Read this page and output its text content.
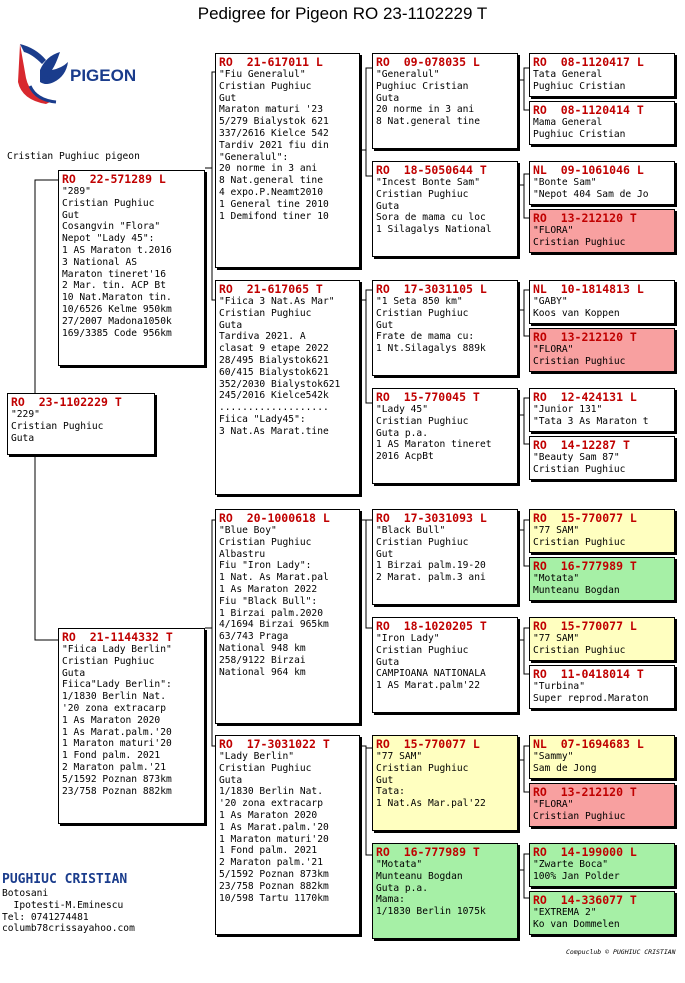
Pedigree for Pigeon RO 23-1102229 T
PIGEON
Cristian Pughiuc pigeon
RO  23-1102229 T
"229"
Cristian Pughiuc
Guta
RO  22-571289 L
"289"
Cristian Pughiuc
Gut
Cosangvin "Flora"
Nepot "Lady 45":
1 AS Maraton t.2016
3 National AS
Maraton tineret'16
2 Mar. tin. ACP Bt
10 Nat.Maraton tin.
10/6526 Kelme 950km
27/2007 Madona1050k
169/3385 Code 956km
RO  21-1144332 T
"Fiica Lady Berlin"
Cristian Pughiuc
Guta
Fiica"Lady Berlin":
1/1830 Berlin Nat.
'20 zona extracarp
1 As Maraton 2020
1 As Marat.palm.'20
1 Maraton maturi'20
1 Fond palm. 2021
2 Maraton palm.'21
5/1592 Poznan 873km
23/758 Poznan 882km
RO  21-617011 L
"Fiu Generalul"
Cristian Pughiuc
Gut
Maraton maturi '23
5/279 Bialystok 621
337/2616 Kielce 542
Tardiv 2021 fiu din
"Generalul":
20 norme in 3 ani
8 Nat.general tine
4 expo.P.Neamt2010
1 General tine 2010
1 Demifond tiner 10
RO  21-617065 T
"Fiica 3 Nat.As Mar"
Cristian Pughiuc
Guta
Tardiva 2021. A
clasat 9 etape 2022
28/495 Bialystok621
60/415 Bialystok621
352/2030 Bialystok621
245/2016 Kielce542k
...................
Fiica "Lady45":
3 Nat.As Marat.tine
RO  20-1000618 L
"Blue Boy"
Cristian Pughiuc
Albastru
Fiu "Iron Lady":
1 Nat. As Marat.pal
1 As Maraton 2022
Fiu "Black Bull":
1 Birzai palm.2020
4/1694 Birzai 965km
63/743 Praga
National 948 km
258/9122 Birzai
National 964 km
RO  17-3031022 T
"Lady Berlin"
Cristian Pughiuc
Guta
1/1830 Berlin Nat.
'20 zona extracarp
1 As Maraton 2020
1 As Marat.palm.'20
1 Maraton maturi'20
1 Fond palm. 2021
2 Maraton palm.'21
5/1592 Poznan 873km
23/758 Poznan 882km
10/598 Tartu 1170km
RO  09-078035 L
"Generalul"
Pughiuc Cristian
Guta
20 norme in 3 ani
8 Nat.general tine
RO  18-5050644 T
"Incest Bonte Sam"
Cristian Pughiuc
Guta
Sora de mama cu loc
1 Silagalys National
RO  17-3031105 L
"1 Seta 850 km"
Cristian Pughiuc
Gut
Frate de mama cu:
1 Nt.Silagalys 889k
RO  15-770045 T
"Lady 45"
Cristian Pughiuc
Guta p.a.
1 AS Maraton tineret
2016 AcpBt
RO  17-3031093 L
"Black Bull"
Cristian Pughiuc
Gut
1 Birzai palm.19-20
2 Marat. palm.3 ani
RO  18-1020205 T
"Iron Lady"
Cristian Pughiuc
Guta
CAMPIOANA NATIONALA
1 AS Marat.palm'22
RO  15-770077 L
"77 SAM"
Cristian Pughiuc
Gut
Tata:
1 Nat.As Mar.pal'22
RO  16-777989 T
"Motata"
Munteanu Bogdan
Guta p.a.
Mama:
1/1830 Berlin 1075k
RO  08-1120417 L
Tata General
Pughiuc Cristian
RO  08-1120414 T
Mama General
Pughiuc Cristian
NL  09-1061046 L
"Bonte Sam"
"Nepot 404 Sam de Jo
RO  13-212120 T
"FLORA"
Cristian Pughiuc
NL  10-1814813 L
"GABY"
Koos van Koppen
RO  13-212120 T
"FLORA"
Cristian Pughiuc
RO  12-424131 L
"Junior 131"
"Tata 3 As Maraton t
RO  14-12287 T
"Beauty Sam 87"
Cristian Pughiuc
RO  15-770077 L
"77 SAM"
Cristian Pughiuc
RO  16-777989 T
"Motata"
Munteanu Bogdan
RO  15-770077 L
"77 SAM"
Cristian Pughiuc
RO  11-0418014 T
"Turbina"
Super reprod.Maraton
NL  07-1694683 L
"Sammy"
Sam de Jong
RO  13-212120 T
"FLORA"
Cristian Pughiuc
RO  14-199000 L
"Zwarte Boca"
100% Jan Polder
RO  14-336077 T
"EXTREMA 2"
Ko van Dommelen
PUGHIUC CRISTIAN
Botosani
Ipotesti-M.Eminescu
Tel: 0741274481
columb78crissayahoo.com
Compuclub © PUGHIUC CRISTIAN
